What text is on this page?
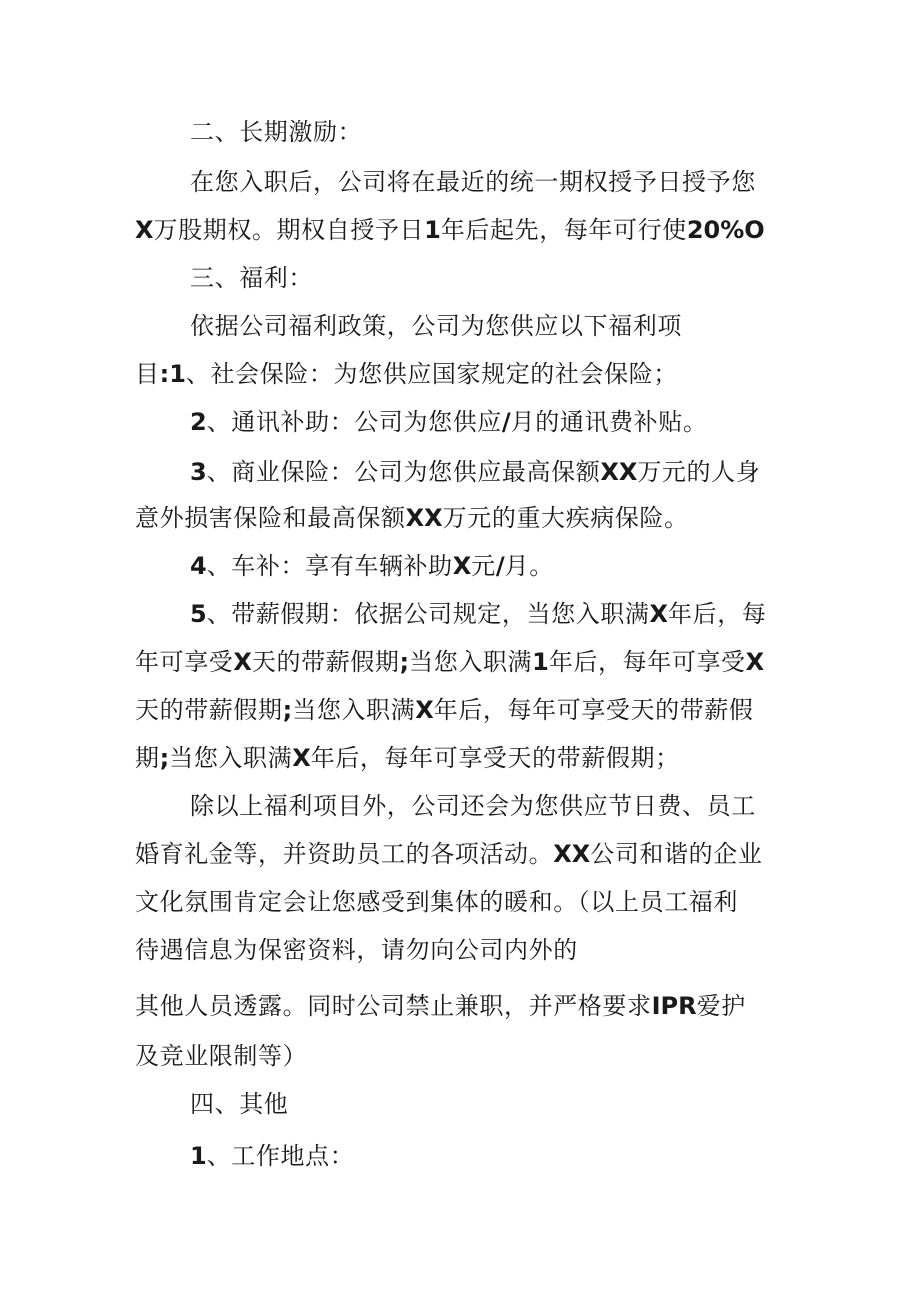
二、长期激励：
在您入职后，公司将在最近的统一期权授予日授予您
X万股期权。期权自授予日1年后起先，每年可行使20%O
三、福利：
依据公司福利政策，公司为您供应以下福利项
目:1、社会保险：为您供应国家规定的社会保险；
2、通讯补助：公司为您供应/月的通讯费补贴。
3、商业保险：公司为您供应最高保额XX万元的人身
意外损害保险和最高保额XX万元的重大疾病保险。
4、车补：享有车辆补助X元/月。
5、带薪假期：依据公司规定，当您入职满X年后，每
年可享受X天的带薪假期;当您入职满1年后，每年可享受X
天的带薪假期;当您入职满X年后，每年可享受天的带薪假
期;当您入职满X年后，每年可享受天的带薪假期；
除以上福利项目外，公司还会为您供应节日费、员工
婚育礼金等，并资助员工的各项活动。XX公司和谐的企业
文化氛围肯定会让您感受到集体的暖和。（以上员工福利
待遇信息为保密资料，请勿向公司内外的
其他人员透露。同时公司禁止兼职，并严格要求IPR爱护
及竞业限制等）
四、其他
1、工作地点：
